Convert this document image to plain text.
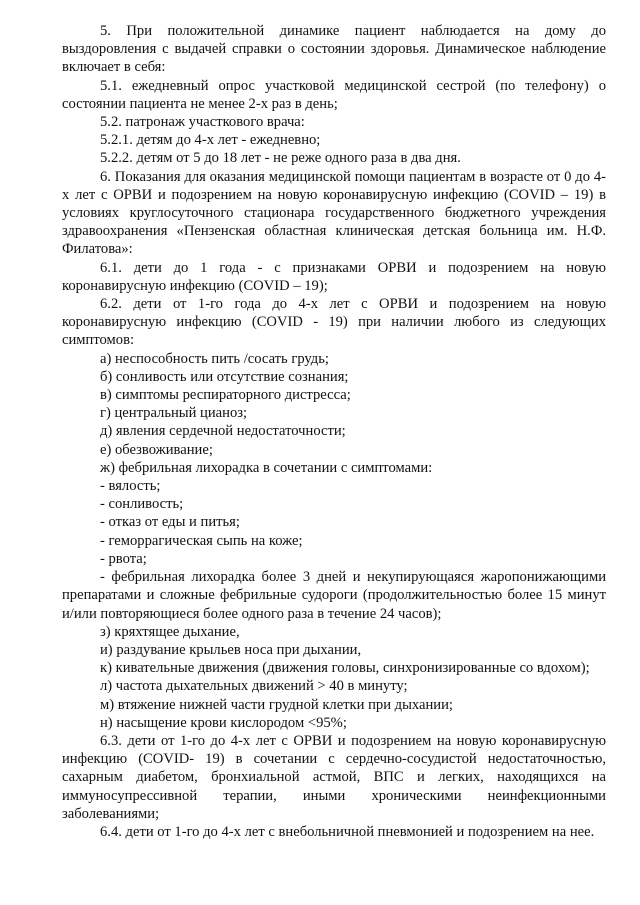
5. При положительной динамике пациент наблюдается на дому до выздоровления с выдачей справки о состоянии здоровья. Динамическое наблюдение включает в себя:

5.1. ежедневный опрос участковой медицинской сестрой (по телефону) о состоянии пациента не менее 2-х раз в день;

5.2. патронаж участкового врача:

5.2.1. детям до 4-х лет - ежедневно;

5.2.2. детям от 5 до 18 лет - не реже одного раза в два дня.

6. Показания для оказания медицинской помощи пациентам в возрасте от 0 до 4-х лет с ОРВИ и подозрением на новую коронавирусную инфекцию (COVID – 19) в условиях круглосуточного стационара государственного бюджетного учреждения здравоохранения «Пензенская областная клиническая детская больница им. Н.Ф. Филатова»:

6.1. дети до 1 года - с признаками ОРВИ и подозрением на новую коронавирусную инфекцию (COVID – 19);

6.2. дети от 1-го года до 4-х лет с ОРВИ и подозрением на новую коронавирусную инфекцию (COVID - 19) при наличии любого из следующих симптомов:

а) неспособность пить /сосать грудь;

б) сонливость или отсутствие сознания;

в) симптомы респираторного дистресса;

г) центральный цианоз;

д) явления сердечной недостаточности;

е) обезвоживание;

ж) фебрильная лихорадка в сочетании с симптомами:

- вялость;

- сонливость;

- отказ от еды и питья;

- геморрагическая сыпь на коже;

- рвота;

- фебрильная лихорадка более 3 дней и некупирующаяся жаропонижающими препаратами и сложные фебрильные судороги (продолжительностью более 15 минут и/или повторяющиеся более одного раза в течение 24 часов);

з) кряхтящее дыхание,

и) раздувание крыльев носа при дыхании,

к) кивательные движения (движения головы, синхронизированные со вдохом);

л) частота дыхательных движений > 40 в минуту;

м) втяжение нижней части грудной клетки при дыхании;

н) насыщение крови кислородом <95%;

6.3. дети от 1-го до 4-х лет с ОРВИ и подозрением на новую коронавирусную инфекцию (COVID- 19) в сочетании с сердечно-сосудистой недостаточностью, сахарным диабетом, бронхиальной астмой, ВПС и легких, находящихся на иммуносупрессивной терапии, иными хроническими неинфекционными заболеваниями;

6.4. дети от 1-го до 4-х лет с внебольничной пневмонией и подозрением на нее.
